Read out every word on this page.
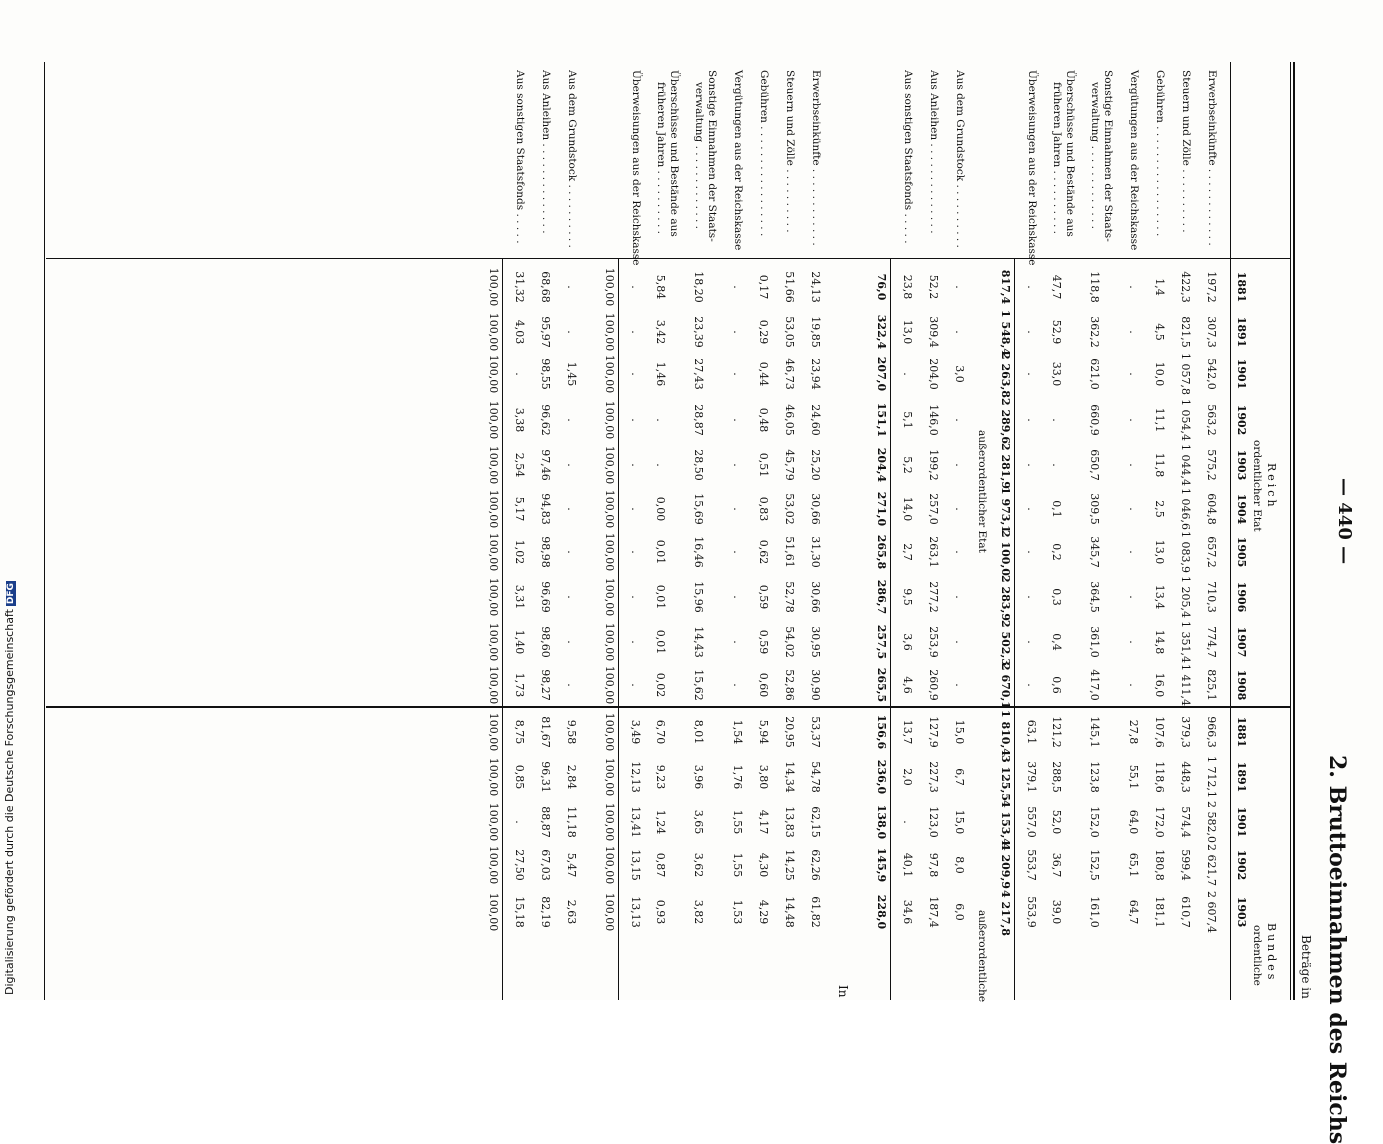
— 440 —
2. Bruttoeinnahmen des Reichs
Beträge in
Reich
Bundes
ordentlicher Etat
ordentliche
1881
1891
1901
1902
1903
1904
1905
1906
1907
1908
1881
1891
1901
1902
1903
Erwerbseinkünfte . . . . . . . . . . . .
197,2
307,3
542,0
563,2
575,2
604,8
657,2
710,3
774,7
825,1
966,3
1 712,1
2 582,0
2 621,7
2 607,4
Steuern und Zölle . . . . . . . . . .
422,3
821,5
1 057,8
1 054,4
1 044,4
1 046,6
1 083,9
1 205,4
1 351,4
1 411,4
379,3
448,3
574,4
599,4
610,7
Gebühren . . . . . . . . . . . . . . . . .
1,4
4,5
10,0
11,1
11,8
2,5
13,0
13,4
14,8
16,0
107,6
118,6
172,0
180,8
181,1
Vergütungen aus der Reichskasse
.
.
.
.
.
.
.
.
.
.
27,8
55,1
64,0
65,1
64,7
Sonstige Einnahmen der Staats-
verwaltung . . . . . . . . . . . . .
118,8
362,2
621,0
660,9
650,7
309,5
345,7
364,5
361,0
417,0
145,1
123,8
152,0
152,5
161,0
Überschüsse und Bestände aus
früheren Jahren . . . . . . . . . .
47,7
52,9
33,0
.
.
0,1
0,2
0,3
0,4
0,6
121,2
288,5
52,0
36,7
39,0
Überweisungen aus der Reichskasse
.
.
.
.
.
.
.
.
.
.
63,1
379,1
557,0
553,7
553,9
817,4
1 548,4
2 263,8
2 289,6
2 281,9
1 973,1
2 100,0
2 283,9
2 502,3
2 670,1
1 810,4
3 125,5
4 153,4
4 209,9
4 217,8
außerordentlicher Etat
außerordentliche
Aus dem Grundstock . . . . . . . . . .
.
.
3,0
.
.
.
.
.
.
.
15,0
6,7
15,0
8,0
6,0
Aus Anleihen . . . . . . . . . . . . . .
52,2
309,4
204,0
146,0
199,2
257,0
263,1
277,2
253,9
260,9
127,9
227,3
123,0
97,8
187,4
Aus sonstigen Staatsfonds . . . . .
23,8
13,0
.
5,1
5,2
14,0
2,7
9,5
3,6
4,6
13,7
2,0
.
40,1
34,6
76,0
322,4
207,0
151,1
204,4
271,0
265,8
286,7
257,5
265,5
156,6
236,0
138,0
145,9
228,0
In
Erwerbseinkünfte . . . . . . . . . . . .
24,13
19,85
23,94
24,60
25,20
30,66
31,30
30,66
30,95
30,90
53,37
54,78
62,15
62,26
61,82
Steuern und Zölle . . . . . . . . . .
51,66
53,05
46,73
46,05
45,79
53,02
51,61
52,78
54,02
52,86
20,95
14,34
13,83
14,25
14,48
Gebühren . . . . . . . . . . . . . . . . .
0,17
0,29
0,44
0,48
0,51
0,83
0,62
0,59
0,59
0,60
5,94
3,80
4,17
4,30
4,29
Vergütungen aus der Reichskasse
.
.
.
.
.
.
.
.
.
.
1,54
1,76
1,55
1,55
1,53
Sonstige Einnahmen der Staats-
verwaltung . . . . . . . . . . . . .
18,20
23,39
27,43
28,87
28,50
15,69
16,46
15,96
14,43
15,62
8,01
3,96
3,65
3,62
3,82
Überschüsse und Bestände aus
früheren Jahren . . . . . . . . . .
5,84
3,42
1,46
.
.
0,00
0,01
0,01
0,01
0,02
6,70
9,23
1,24
0,87
0,93
Überweisungen aus der Reichskasse
.
.
.
.
.
.
.
.
.
.
3,49
12,13
13,41
13,15
13,13
100,00
100,00
100,00
100,00
100,00
100,00
100,00
100,00
100,00
100,00
100,00
100,00
100,00
100,00
100,00
Aus dem Grundstock . . . . . . . . . .
.
.
1,45
.
.
.
.
.
.
.
9,58
2,84
11,18
5,47
2,63
Aus Anleihen . . . . . . . . . . . . . .
68,68
95,97
98,55
96,62
97,46
94,83
98,98
96,69
98,60
98,27
81,67
96,31
88,87
67,03
82,19
Aus sonstigen Staatsfonds . . . . .
31,32
4,03
.
3,38
2,54
5,17
1,02
3,31
1,40
1,73
8,75
0,85
.
27,50
15,18
100,00
100,00
100,00
100,00
100,00
100,00
100,00
100,00
100,00
100,00
100,00
100,00
100,00
100,00
100,00
Digitalisierung gefördert durch die Deutsche ForschungsgemeinschaftDFG
